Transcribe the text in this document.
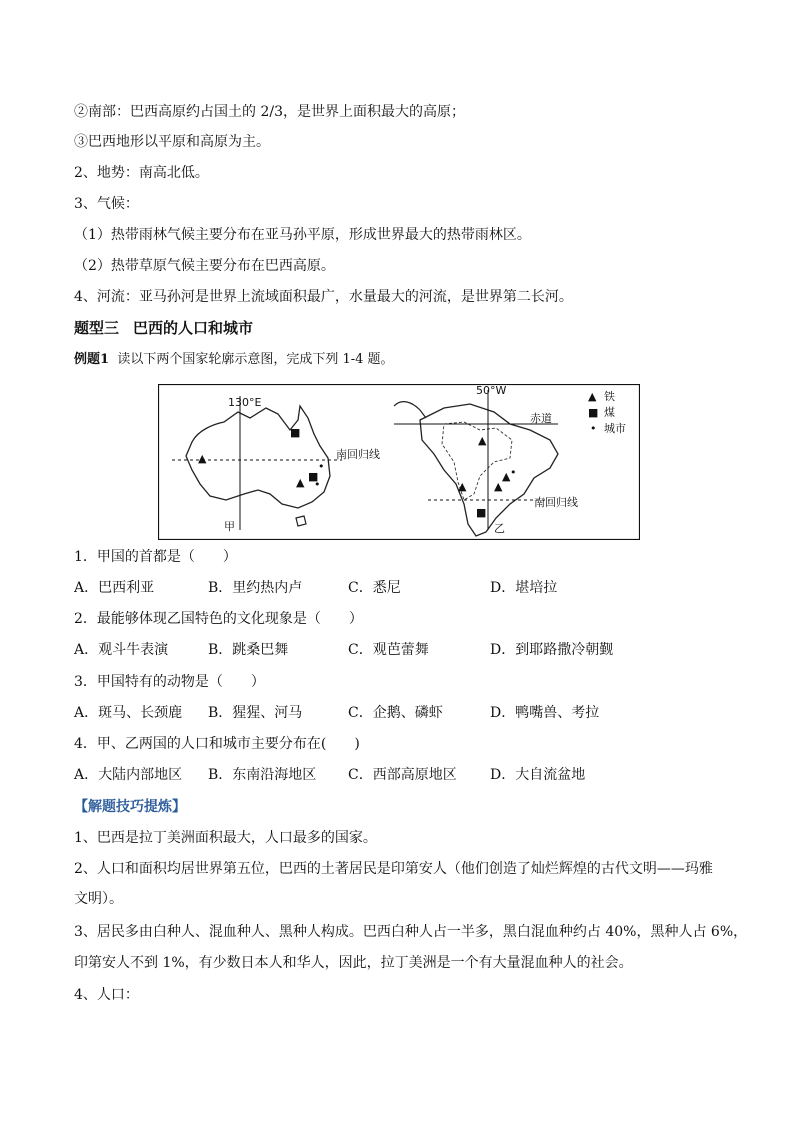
②南部：巴西高原约占国土的 2/3，是世界上面积最大的高原；
③巴西地形以平原和高原为主。
2、地势：南高北低。
3、气候：
（1）热带雨林气候主要分布在亚马孙平原，形成世界最大的热带雨林区。
（2）热带草原气候主要分布在巴西高原。
4、河流：亚马孙河是世界上流域面积最广，水量最大的河流，是世界第二长河。
题型三 巴西的人口和城市
例题1 读以下两个国家轮廓示意图，完成下列 1-4 题。
▲
■
■
▲
•
•
▲
▲
▲
▲
■
•
130°E
50°W
赤道
南回归线
南回归线
甲	乙
▲ 铁
■ 煤
• 城市
1．甲国的首都是（　　）
A．巴西利亚	B．里约热内卢	C．悉尼	D．堪培拉
2．最能够体现乙国特色的文化现象是（　　）
A．观斗牛表演	B．跳桑巴舞	C．观芭蕾舞	D．到耶路撒冷朝觐
3．甲国特有的动物是（　　）
A．斑马、长颈鹿 B．猩猩、河马	C．企鹅、磷虾	D．鸭嘴兽、考拉
4．甲、乙两国的人口和城市主要分布在(　　)
A．大陆内部地区 B．东南沿海地区 C．西部高原地区 D．大自流盆地
【解题技巧提炼】
1、巴西是拉丁美洲面积最大，人口最多的国家。
2、人口和面积均居世界第五位，巴西的土著居民是印第安人（他们创造了灿烂辉煌的古代文明——玛雅
文明）。
3、居民多由白种人、混血种人、黑种人构成。巴西白种人占一半多，黑白混血种约占 40%，黑种人占 6%，
印第安人不到 1%，有少数日本人和华人，因此，拉丁美洲是一个有大量混血种人的社会。
4、人口：
